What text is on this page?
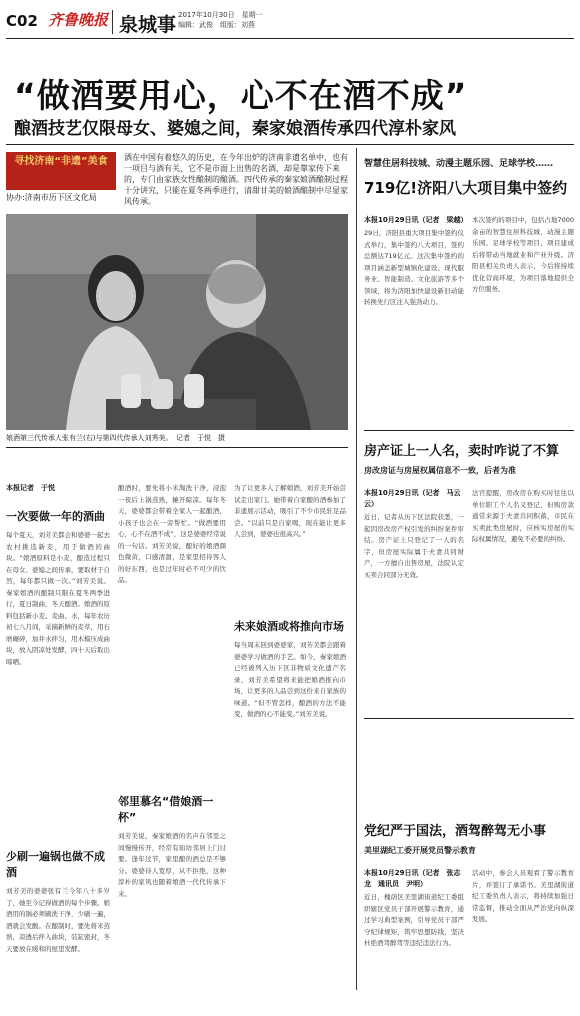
C02 齐鲁晚报 泉城事 2017年10月30日　星期一
编辑：武俊　组版：刘燕
“做酒要用心，心不在酒不成”
酿酒技艺仅限母女、婆媳之间，秦家娘酒传承四代淳朴家风
寻找济南“非遗”美食
协办:济南市历下区文化局
酒在中国有着悠久的历史，在今年出炉的济南非遗名单中，也有一项目与酒有关，它不是市面上出售的名酒，却是靠家传下来的，专门由家族女性酿制的酿酒。四代传承的秦家娘酒酿制过程十分讲究，只能在夏冬两季进行，清甜甘美的娘酒酿制中尽显家风传承。
娘酒第三代传承人张有兰(右)与第四代传承人刘秀美。　记者　于悦　摄
本报记者　于悦
一次要做一年的酒曲
每个夏天，刘芳美都会和婆婆一起去农村挑选新麦，用于做酒的曲块。“娘酒原料是小麦，酿造过程只在母女、婆媳之间传承，要取材于自然，每年都只做一次。”刘芳美说。秦家娘酒的酿制只限在夏冬两季进行，夏日制曲，冬天酿酒。娘酒的原料包括新小麦、麦曲、水，每年农历初七八月间，采摘新鲜的麦草，用石磨碾碎，加井水拌匀，用木模压成曲块，放入阴凉处发酵，四十天后取出晾晒。
少刷一遍锅也做不成酒
刘芳美的婆婆张有兰今年八十多岁了，她至今记得做酒的每个步骤。娘酒用的锅必须刷洗干净，少刷一遍，酒就会发酸。在酿制时，要先将米蒸熟，凉透后拌入曲块，装缸密封，冬天要放在暖和的屋里发酵。
酿酒时，要先将小米淘洗干净，浸泡一夜后上锅蒸熟，摊开晾凉。每年冬天，婆婆都会带着全家人一起酿酒，小孩子也会在一旁帮忙。“做酒要用心，心不在酒不成”，这是婆婆经常说的一句话。刘芳美说，酿好的娘酒颜色微黄，口感清甜，是家里招待客人的好东西，也是过年时必不可少的饮品。
邻里慕名“借娘酒一杯”
刘芳美说，秦家娘酒的名声在邻里之间慢慢传开，经常有街坊邻居上门讨要。逢年过节，家里酿的酒总是不够分。婆婆待人宽厚，从不拒绝，这种淳朴的家风也随着娘酒一代代传承下来。
为了让更多人了解娘酒，刘芳美开始尝试走出家门。她带着自家酿的酒参加了非遗展示活动，吸引了不少市民驻足品尝。“以前只是自家喝，现在能让更多人尝到，婆婆也很高兴。”
未来娘酒或将推向市场
每当周末回到婆婆家，刘芳美都会跟着婆婆学习做酒的手艺。如今，秦家娘酒已经被列入历下区非物质文化遗产名录，刘芳美希望将来能把娘酒推向市场，让更多的人品尝到这份来自家族的味道。“但不管怎样，酿酒的方法不能变，做酒的心不能变。”刘芳美说。
智慧住居科技城、动漫主题乐园、足球学校……
719亿!济阳八大项目集中签约
本报10月29日讯（记者　梁越）
29日，济阳县重大项目集中签约仪式举行，集中签约八大项目，签约总额达719亿元。这次集中签约的项目涵盖新型城镇化建设、现代服务业、智能制造、文化旅游等多个领域，将为济阳加快建设新旧动能转换先行区注入强劲动力。
本次签约的项目中，包括占地7000余亩的智慧住居科技城、动漫主题乐园、足球学校等项目，项目建成后将带动当地就业和产业升级。济阳县相关负责人表示，今后将持续优化营商环境，为项目落地提供全方位服务。
房产证上一人名，卖时咋说了不算
房改房证与房屋权属信息不一致，后者为准
本报10月29日讯（记者　马云云）
近日，记者从历下区法院获悉，一起因房改房产权引发的纠纷案件审结。房产证上只登记了一人的名字，但房屋实际属于夫妻共同财产，一方擅自出售房屋，法院认定买卖合同部分无效。
法官提醒，房改房在购买时往往以单位职工个人名义登记，但购房款通常来源于夫妻共同积蓄，市民在买卖此类房屋时，应核实房屋的实际权属情况，避免不必要的纠纷。
党纪严于国法，酒驾醉驾无小事
美里湖纪工委开展党员警示教育
本报10月29日讯（记者　张志龙　通讯员　尹明）
近日，槐荫区美里湖街道纪工委组织辖区党员干部开展警示教育，通过学习典型案例，引导党员干部严守纪律规矩，筑牢思想防线，坚决杜绝酒驾醉驾等违纪违法行为。
活动中，参会人员观看了警示教育片，并签订了承诺书。美里湖街道纪工委负责人表示，将持续加强日常监督，推动全面从严治党向纵深发展。
